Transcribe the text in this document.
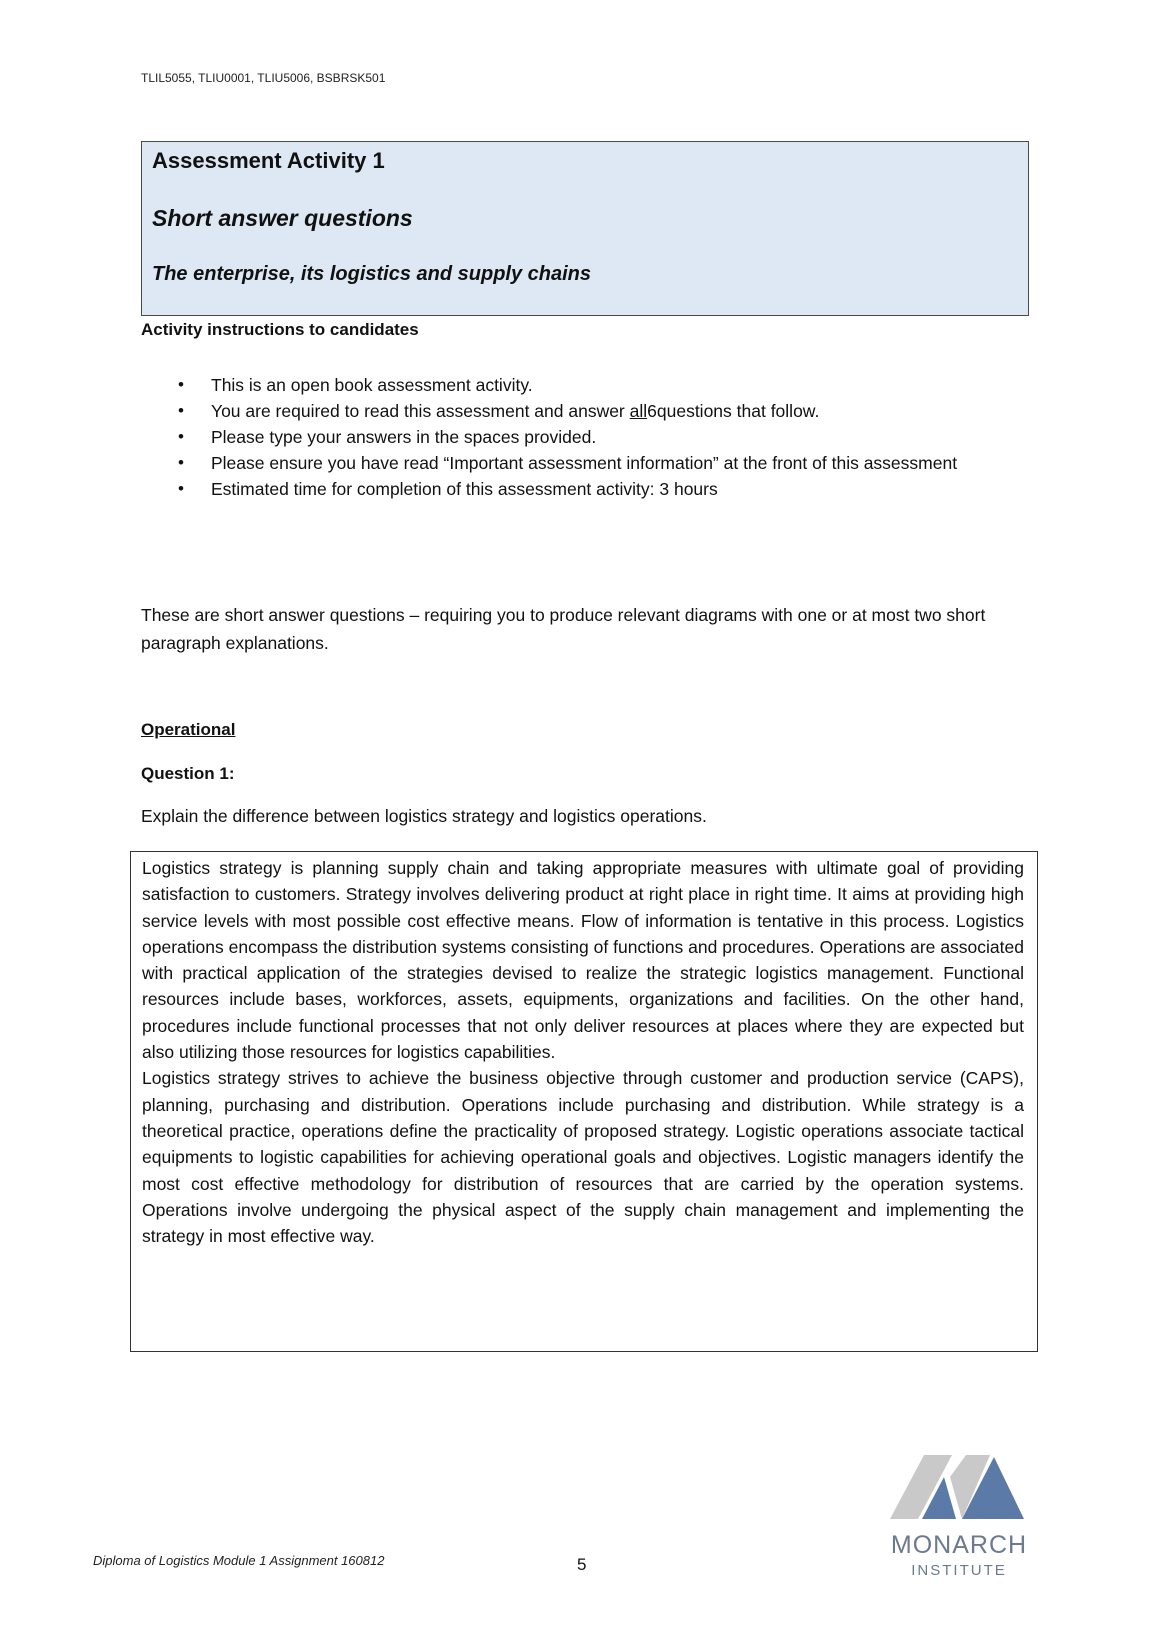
TLIL5055, TLIU0001, TLIU5006, BSBRSK501
Assessment Activity 1
Short answer questions
The enterprise, its logistics and supply chains
Activity instructions to candidates
• This is an open book assessment activity.
• You are required to read this assessment and answer all6questions that follow.
• Please type your answers in the spaces provided.
• Please ensure you have read “Important assessment information” at the front of this assessment
• Estimated time for completion of this assessment activity: 3 hours
These are short answer questions – requiring you to produce relevant diagrams with one or at most two short paragraph explanations.
Operational
Question 1:
Explain the difference between logistics strategy and logistics operations.

Logistics strategy is planning supply chain and taking appropriate measures with ultimate goal of providing satisfaction to customers. Strategy involves delivering product at right place in right time. It aims at providing high service levels with most possible cost effective means. Flow of information is tentative in this process. Logistics operations encompass the distribution systems consisting of functions and procedures. Operations are associated with practical application of the strategies devised to realize the strategic logistics management. Functional resources include bases, workforces, assets, equipments, organizations and facilities. On the other hand, procedures include functional processes that not only deliver resources at places where they are expected but also utilizing those resources for logistics capabilities.

Logistics strategy strives to achieve the business objective through customer and production service (CAPS), planning, purchasing and distribution. Operations include purchasing and distribution. While strategy is a theoretical practice, operations define the practicality of proposed strategy. Logistic operations associate tactical equipments to logistic capabilities for achieving operational goals and objectives. Logistic managers identify the most cost effective methodology for distribution of resources that are carried by the operation systems. Operations involve undergoing the physical aspect of the supply chain management and implementing the strategy in most effective way.

Diploma of Logistics Module 1 Assignment 160812	5
MONARCH
INSTITUTE
